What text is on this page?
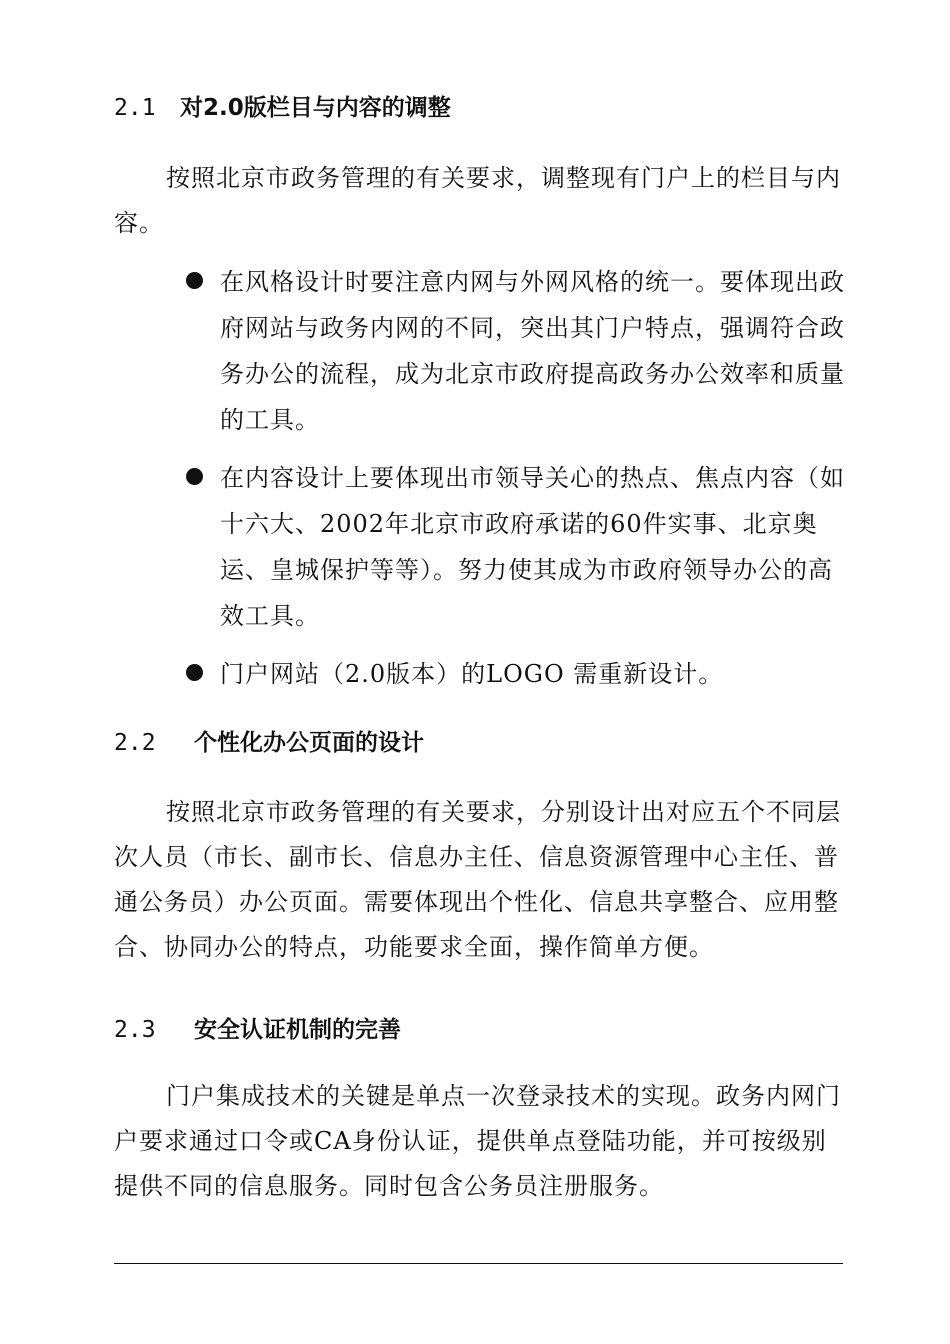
2.1 对2.0版栏目与内容的调整
按照北京市政务管理的有关要求，调整现有门户上的栏目与内容。
在风格设计时要注意内网与外网风格的统一。要体现出政府网站与政务内网的不同，突出其门户特点，强调符合政务办公的流程，成为北京市政府提高政务办公效率和质量的工具。
在内容设计上要体现出市领导关心的热点、焦点内容（如十六大、2002年北京市政府承诺的60件实事、北京奥运、皇城保护等等）。努力使其成为市政府领导办公的高效工具。
门户网站（2.0版本）的LOGO 需重新设计。
2.2 个性化办公页面的设计
按照北京市政务管理的有关要求，分别设计出对应五个不同层次人员（市长、副市长、信息办主任、信息资源管理中心主任、普通公务员）办公页面。需要体现出个性化、信息共享整合、应用整合、协同办公的特点，功能要求全面，操作简单方便。
2.3 安全认证机制的完善
门户集成技术的关键是单点一次登录技术的实现。政务内网门户要求通过口令或CA身份认证，提供单点登陆功能，并可按级别提供不同的信息服务。同时包含公务员注册服务。
